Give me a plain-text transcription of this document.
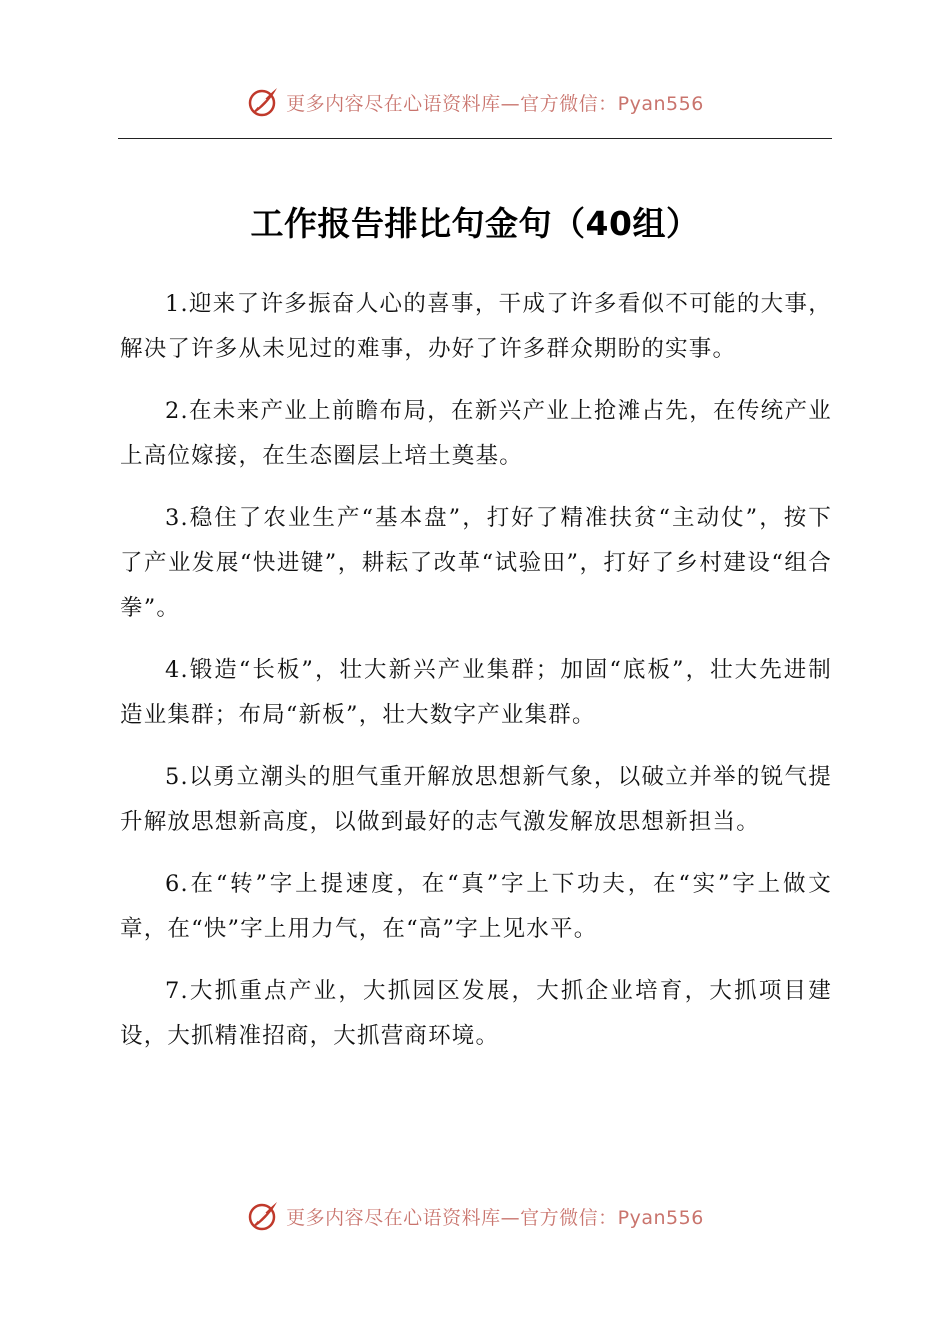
更多内容尽在心语资料库—官方微信：Pyan556
工作报告排比句金句（40组）

1.迎来了许多振奋人心的喜事，干成了许多看似不可能的大事，解决了许多从未见过的难事，办好了许多群众期盼的实事。

2.在未来产业上前瞻布局，在新兴产业上抢滩占先，在传统产业上高位嫁接，在生态圈层上培土奠基。

3.稳住了农业生产“基本盘”，打好了精准扶贫“主动仗”，按下了产业发展“快进键”，耕耘了改革“试验田”，打好了乡村建设“组合拳”。

4.锻造“长板”，壮大新兴产业集群；加固“底板”，壮大先进制造业集群；布局“新板”，壮大数字产业集群。

5.以勇立潮头的胆气重开解放思想新气象，以破立并举的锐气提升解放思想新高度，以做到最好的志气激发解放思想新担当。

6.在“转”字上提速度，在“真”字上下功夫，在“实”字上做文章，在“快”字上用力气，在“高”字上见水平。

7.大抓重点产业，大抓园区发展，大抓企业培育，大抓项目建设，大抓精准招商，大抓营商环境。

更多内容尽在心语资料库—官方微信：Pyan556
